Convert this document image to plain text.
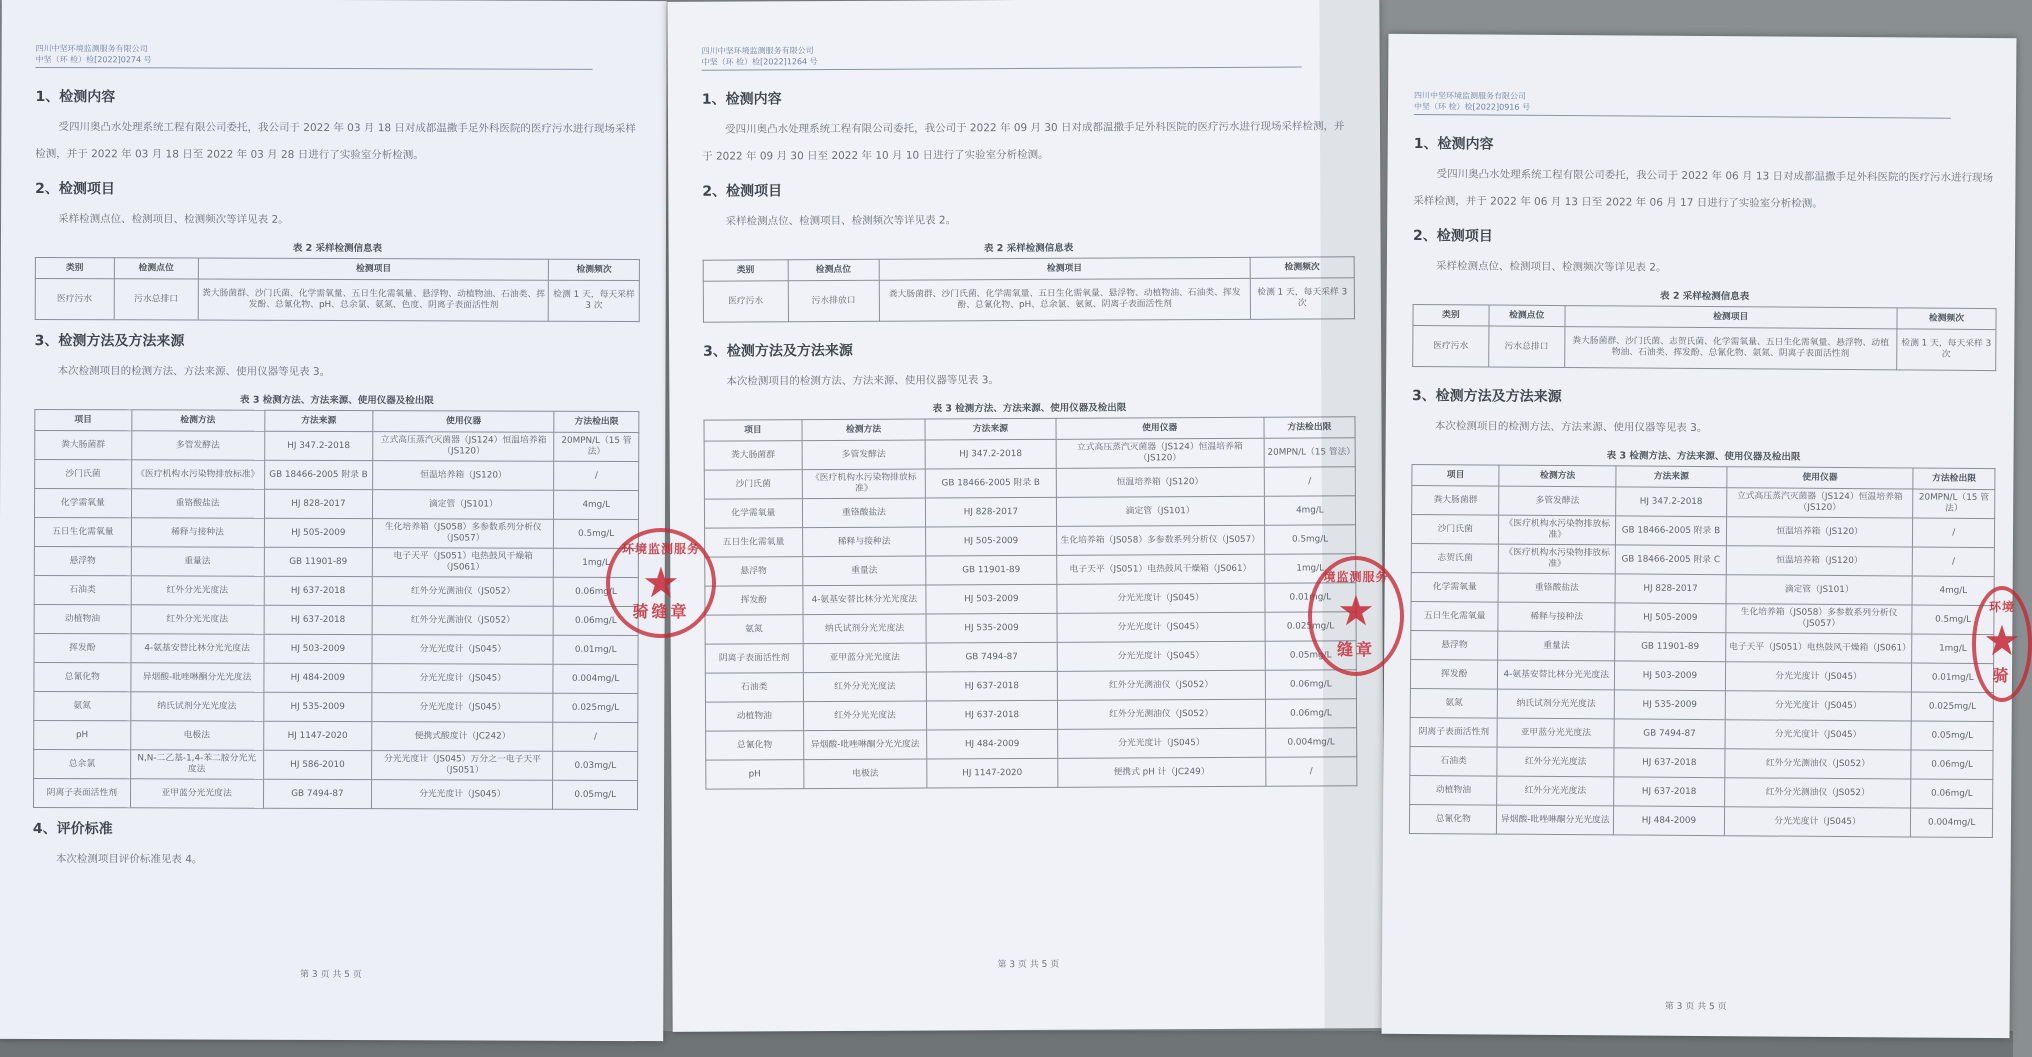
四川中坚环境监测服务有限公司
中坚（环 检）检[2022]0274 号
1、检测内容

受四川奥凸水处理系统工程有限公司委托，我公司于 2022 年 03 月 18 日对成都温撒手足外科医院的医疗污水进行现场采样检测，并于 2022 年 03 月 18 日至 2022 年 03 月 28 日进行了实验室分析检测。

2、检测项目

采样检测点位、检测项目、检测频次等详见表 2。

表 2 采样检测信息表
类别	检测点位	检测项目	检测频次
医疗污水	污水总排口	粪大肠菌群、沙门氏菌、化学需氧量、五日生化需氧量、悬浮物、动植物油、石油类、挥发酚、总氰化物、pH、总余氯、氨氮、色度、阴离子表面活性剂	检测 1 天，每天采样 3 次
3、检测方法及方法来源

本次检测项目的检测方法、方法来源、使用仪器等见表 3。

表 3 检测方法、方法来源、使用仪器及检出限
项目	检测方法	方法来源	使用仪器	方法检出限
粪大肠菌群	多管发酵法	HJ 347.2-2018	立式高压蒸汽灭菌器（JS124）恒温培养箱（JS120）	20MPN/L（15 管法）
沙门氏菌	《医疗机构水污染物排放标准》	GB 18466-2005 附录 B	恒温培养箱（JS120）	/
化学需氧量	重铬酸盐法	HJ 828-2017	滴定管（JS101）	4mg/L
五日生化需氧量	稀释与接种法	HJ 505-2009	生化培养箱（JS058）多参数系列分析仪（JS057）	0.5mg/L
悬浮物	重量法	GB 11901-89	电子天平（JS051）电热鼓风干燥箱（JS061）	1mg/L
石油类	红外分光光度法	HJ 637-2018	红外分光测油仪（JS052）	0.06mg/L
动植物油	红外分光光度法	HJ 637-2018	红外分光测油仪（JS052）	0.06mg/L
挥发酚	4-氨基安替比林分光光度法	HJ 503-2009	分光光度计（JS045）	0.01mg/L
总氰化物	异烟酸-吡唑啉酮分光光度法	HJ 484-2009	分光光度计（JS045）	0.004mg/L
氨氮	纳氏试剂分光光度法	HJ 535-2009	分光光度计（JS045）	0.025mg/L
pH	电极法	HJ 1147-2020	便携式酸度计（JC242）	/
总余氯	N,N-二乙基-1,4-苯二胺分光光度法	HJ 586-2010	分光光度计（JS045）万分之一电子天平（JS051）	0.03mg/L
阴离子表面活性剂	亚甲蓝分光光度法	GB 7494-87	分光光度计（JS045）	0.05mg/L
4、评价标准

本次检测项目评价标准见表 4。

第 3 页 共 5 页
四川中坚环境监测服务有限公司
中坚（环 检）检[2022]1264 号
1、检测内容

受四川奥凸水处理系统工程有限公司委托，我公司于 2022 年 09 月 30 日对成都温撒手足外科医院的医疗污水进行现场采样检测，并于 2022 年 09 月 30 日至 2022 年 10 月 10 日进行了实验室分析检测。

2、检测项目

采样检测点位、检测项目、检测频次等详见表 2。

表 2 采样检测信息表
类别	检测点位	检测项目	检测频次
医疗污水	污水排放口	粪大肠菌群、沙门氏菌、化学需氧量、五日生化需氧量、悬浮物、动植物油、石油类、挥发酚、总氰化物、pH、总余氯、氨氮、阴离子表面活性剂	检测 1 天，每天采样 3 次
3、检测方法及方法来源

本次检测项目的检测方法、方法来源、使用仪器等见表 3。

表 3 检测方法、方法来源、使用仪器及检出限
项目	检测方法	方法来源	使用仪器	方法检出限
粪大肠菌群	多管发酵法	HJ 347.2-2018	立式高压蒸汽灭菌器（JS124）恒温培养箱（JS120）	20MPN/L（15 管法）
沙门氏菌	《医疗机构水污染物排放标准》	GB 18466-2005 附录 B	恒温培养箱（JS120）	/
化学需氧量	重铬酸盐法	HJ 828-2017	滴定管（JS101）	4mg/L
五日生化需氧量	稀释与接种法	HJ 505-2009	生化培养箱（JS058）多参数系列分析仪（JS057）	0.5mg/L
悬浮物	重量法	GB 11901-89	电子天平（JS051）电热鼓风干燥箱（JS061）	1mg/L
挥发酚	4-氨基安替比林分光光度法	HJ 503-2009	分光光度计（JS045）	0.01mg/L
氨氮	纳氏试剂分光光度法	HJ 535-2009	分光光度计（JS045）	0.025mg/L
阴离子表面活性剂	亚甲蓝分光光度法	GB 7494-87	分光光度计（JS045）	0.05mg/L
石油类	红外分光光度法	HJ 637-2018	红外分光测油仪（JS052）	0.06mg/L
动植物油	红外分光光度法	HJ 637-2018	红外分光测油仪（JS052）	0.06mg/L
总氰化物	异烟酸-吡唑啉酮分光光度法	HJ 484-2009	分光光度计（JS045）	0.004mg/L
pH	电极法	HJ 1147-2020	便携式 pH 计（JC249）	/
第 3 页 共 5 页
四川中坚环境监测服务有限公司
中坚（环 检）检[2022]0916 号
1、检测内容

受四川奥凸水处理系统工程有限公司委托，我公司于 2022 年 06 月 13 日对成都温撒手足外科医院的医疗污水进行现场采样检测，并于 2022 年 06 月 13 日至 2022 年 06 月 17 日进行了实验室分析检测。

2、检测项目

采样检测点位、检测项目、检测频次等详见表 2。

表 2 采样检测信息表
类别	检测点位	检测项目	检测频次
医疗污水	污水总排口	粪大肠菌群、沙门氏菌、志贺氏菌、化学需氧量、五日生化需氧量、悬浮物、动植物油、石油类、挥发酚、总氰化物、氨氮、阴离子表面活性剂	检测 1 天，每天采样 3 次
3、检测方法及方法来源

本次检测项目的检测方法、方法来源、使用仪器等见表 3。

表 3 检测方法、方法来源、使用仪器及检出限
项目	检测方法	方法来源	使用仪器	方法检出限
粪大肠菌群	多管发酵法	HJ 347.2-2018	立式高压蒸汽灭菌器（JS124）恒温培养箱（JS120）	20MPN/L（15 管法）
沙门氏菌	《医疗机构水污染物排放标准》	GB 18466-2005 附录 B	恒温培养箱（JS120）	/
志贺氏菌	《医疗机构水污染物排放标准》	GB 18466-2005 附录 C	恒温培养箱（JS120）	/
化学需氧量	重铬酸盐法	HJ 828-2017	滴定管（JS101）	4mg/L
五日生化需氧量	稀释与接种法	HJ 505-2009	生化培养箱（JS058）多参数系列分析仪（JS057）	0.5mg/L
悬浮物	重量法	GB 11901-89	电子天平（JS051）电热鼓风干燥箱（JS061）	1mg/L
挥发酚	4-氨基安替比林分光光度法	HJ 503-2009	分光光度计（JS045）	0.01mg/L
氨氮	纳氏试剂分光光度法	HJ 535-2009	分光光度计（JS045）	0.025mg/L
阴离子表面活性剂	亚甲蓝分光光度法	GB 7494-87	分光光度计（JS045）	0.05mg/L
石油类	红外分光光度法	HJ 637-2018	红外分光测油仪（JS052）	0.06mg/L
动植物油	红外分光光度法	HJ 637-2018	红外分光测油仪（JS052）	0.06mg/L
总氰化物	异烟酸-吡唑啉酮分光光度法	HJ 484-2009	分光光度计（JS045）	0.004mg/L
第 3 页 共 5 页
环境监测服务
★
骑缝章
境监测服务
★
缝章
环境
★
骑
